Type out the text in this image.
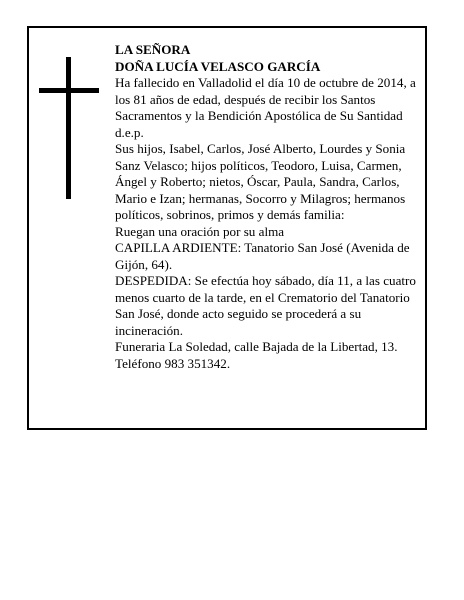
LA SEÑORA

DOÑA LUCÍA VELASCO GARCÍA

Ha fallecido en Valladolid el día 10 de octubre de 2014, a los 81 años de edad, después de recibir los Santos Sacramentos y la Bendición Apostólica de Su Santidad d.e.p.

Sus hijos, Isabel, Carlos, José Alberto, Lourdes y Sonia Sanz Velasco; hijos políticos, Teodoro, Luisa, Carmen, Ángel y Roberto; nietos, Óscar, Paula, Sandra, Carlos, Mario e Izan; hermanas, Socorro y Milagros; hermanos políticos, sobrinos, primos y demás familia:

Ruegan una oración por su alma

CAPILLA ARDIENTE: Tanatorio San José (Avenida de Gijón, 64).

DESPEDIDA: Se efectúa hoy sábado, día 11, a las cuatro menos cuarto de la tarde, en el Crematorio del Tanatorio San José, donde acto seguido se procederá a su incineración.

Funeraria La Soledad, calle Bajada de la Libertad, 13. Teléfono 983 351342.
